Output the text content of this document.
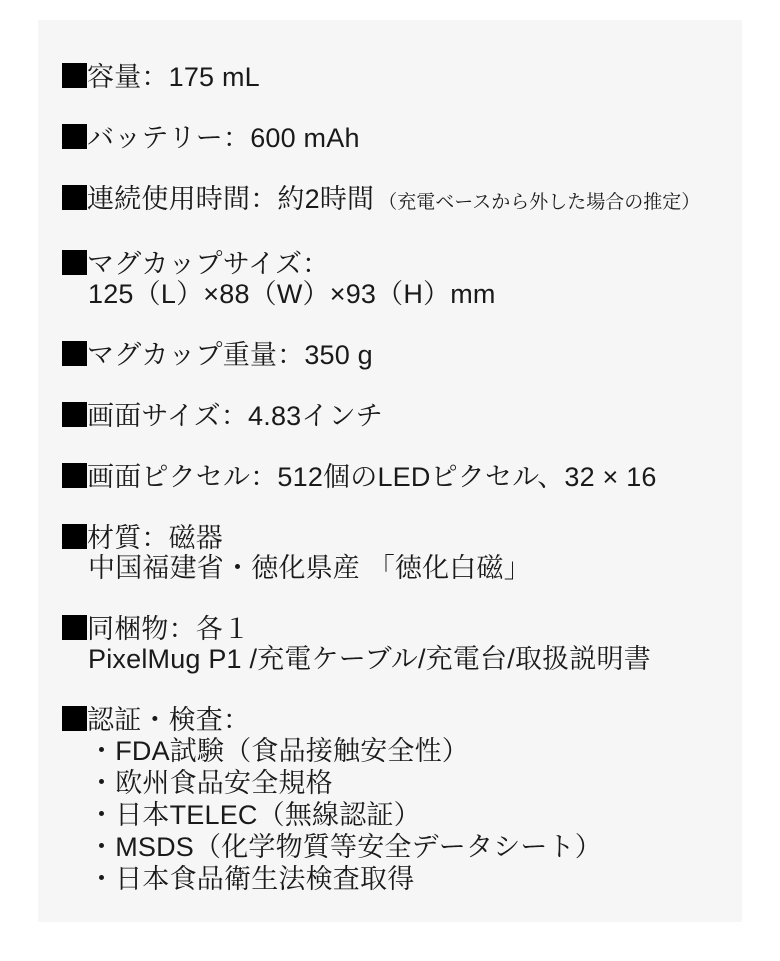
容量：175 mL
バッテリー：600 mAh
連続使用時間：約2時間 （充電ベースから外した場合の推定）
マグカップサイズ：
125（L）×88（W）×93（H）mm
マグカップ重量：350 g
画面サイズ：4.83インチ
画面ピクセル：512個のLEDピクセル、32 × 16
材質：磁器
中国福建省・徳化県産 「徳化白磁」
同梱物：各１
PixelMug P1 /充電ケーブル/充電台/取扱説明書
認証・検査：
・FDA試験（食品接触安全性）
・欧州食品安全規格
・日本TELEC（無線認証）
・MSDS（化学物質等安全データシート）
・日本食品衛生法検査取得
